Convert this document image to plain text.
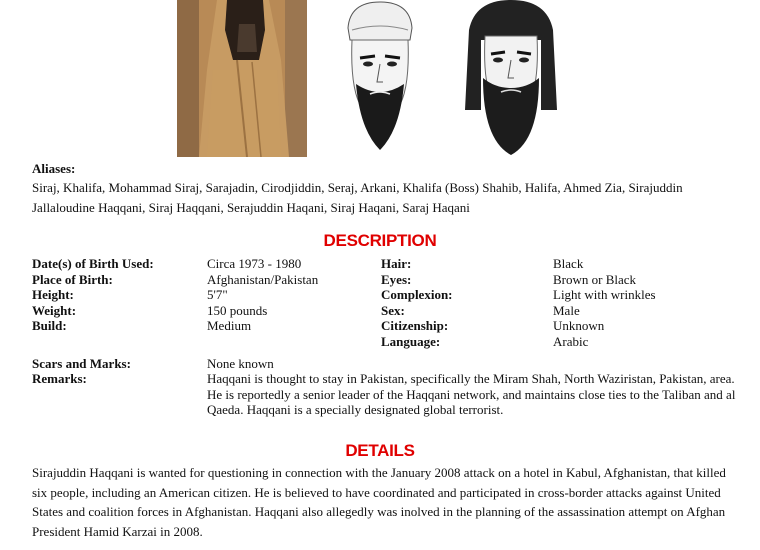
Aliases:
Siraj, Khalifa, Mohammad Siraj, Sarajadin, Cirodjiddin, Seraj, Arkani, Khalifa (Boss) Shahib, Halifa, Ahmed Zia, Sirajuddin Jallaloudine Haqqani, Siraj Haqqani, Serajuddin Haqani, Siraj Haqani, Saraj Haqani
DESCRIPTION
Date(s) of Birth Used:	Circa 1973 - 1980
Place of Birth:	Afghanistan/Pakistan
Height:	5'7"
Weight:	150 pounds
Build:	Medium
Hair:	Black
Eyes:	Brown or Black
Complexion:	Light with wrinkles
Sex:	Male
Citizenship:	Unknown
Language:	Arabic
Scars and Marks:	None known
Remarks:	Haqqani is thought to stay in Pakistan, specifically the Miram Shah, North Waziristan, Pakistan, area. He is reportedly a senior leader of the Haqqani network, and maintains close ties to the Taliban and al Qaeda. Haqqani is a specially designated global terrorist.
DETAILS
Sirajuddin Haqqani is wanted for questioning in connection with the January 2008 attack on a hotel in Kabul, Afghanistan, that killed six people, including an American citizen. He is believed to have coordinated and participated in cross-border attacks against United States and coalition forces in Afghanistan. Haqqani also allegedly was inolved in the planning of the assassination attempt on Afghan President Hamid Karzai in 2008.
